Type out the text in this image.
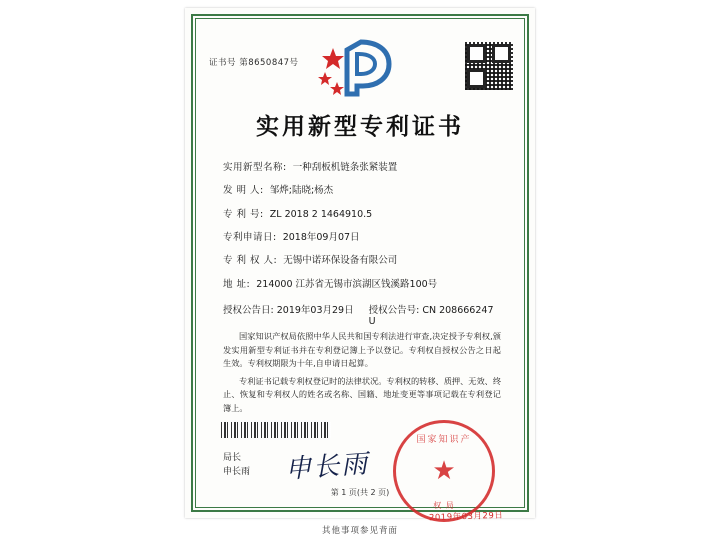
证书号 第8650847号
实用新型专利证书
实用新型名称: 一种刮板机链条张紧装置
发 明 人: 邹烨;陆晓;杨杰
专 利 号: ZL 2018 2 1464910.5
专利申请日: 2018年09月07日
专 利 权 人: 无锡中诺环保设备有限公司
地 址: 214000 江苏省无锡市滨湖区钱溪路100号
授权公告日: 2019年03月29日	授权公告号: CN 208666247 U

国家知识产权局依照中华人民共和国专利法进行审查,决定授予专利权,颁发实用新型专利证书并在专利登记簿上予以登记。专利权自授权公告之日起生效。专利权期限为十年,自申请日起算。

专利证书记载专利权登记时的法律状况。专利权的转移、质押、无效、终止、恢复和专利权人的姓名或名称、国籍、地址变更等事项记载在专利登记簿上。

局长
申长雨 申长雨
国家知识产
★
权 局
2019年03月29日
第 1 页(共 2 页)
其他事项参见背面
